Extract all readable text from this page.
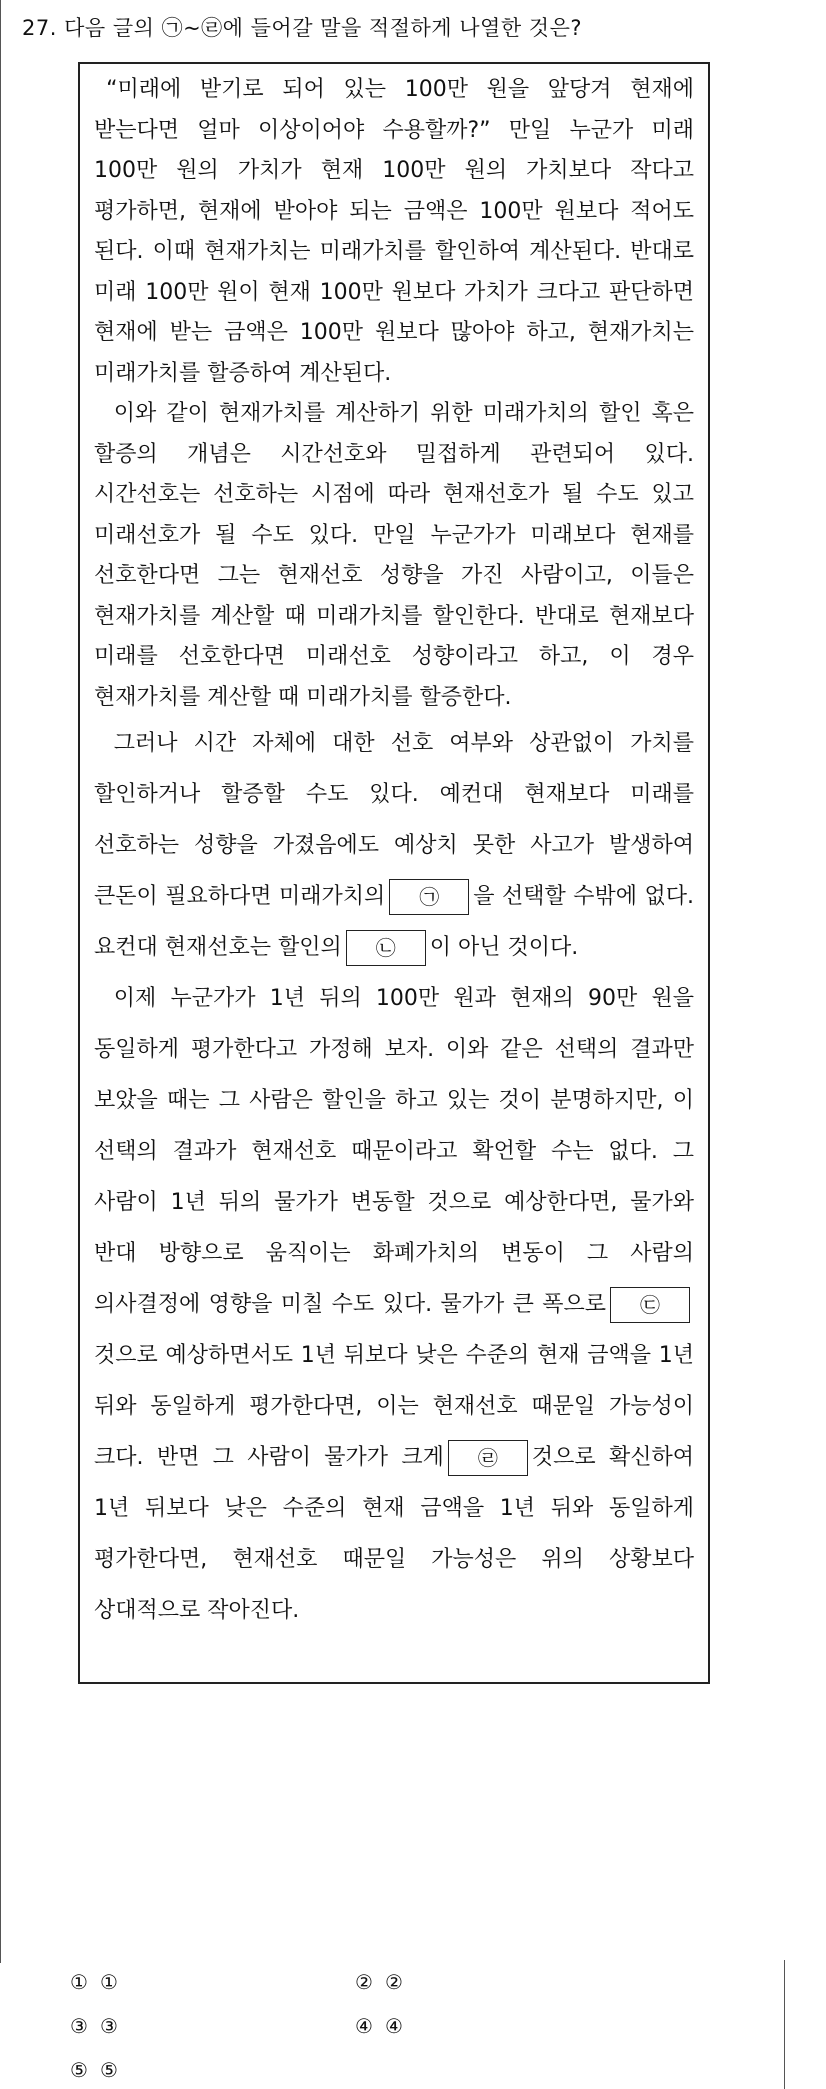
27. 다음 글의 ㉠~㉣에 들어갈 말을 적절하게 나열한 것은?

“미래에 받기로 되어 있는 100만 원을 앞당겨 현재에 받는다면 얼마 이상이어야 수용할까?” 만일 누군가 미래 100만 원의 가치가 현재 100만 원의 가치보다 작다고 평가하면, 현재에 받아야 되는 금액은 100만 원보다 적어도 된다. 이때 현재가치는 미래가치를 할인하여 계산된다. 반대로 미래 100만 원이 현재 100만 원보다 가치가 크다고 판단하면 현재에 받는 금액은 100만 원보다 많아야 하고, 현재가치는 미래가치를 할증하여 계산된다.

이와 같이 현재가치를 계산하기 위한 미래가치의 할인 혹은 할증의 개념은 시간선호와 밀접하게 관련되어 있다. 시간선호는 선호하는 시점에 따라 현재선호가 될 수도 있고 미래선호가 될 수도 있다. 만일 누군가가 미래보다 현재를 선호한다면 그는 현재선호 성향을 가진 사람이고, 이들은 현재가치를 계산할 때 미래가치를 할인한다. 반대로 현재보다 미래를 선호한다면 미래선호 성향이라고 하고, 이 경우 현재가치를 계산할 때 미래가치를 할증한다.

그러나 시간 자체에 대한 선호 여부와 상관없이 가치를 할인하거나 할증할 수도 있다. 예컨대 현재보다 미래를 선호하는 성향을 가졌음에도 예상치 못한 사고가 발생하여 큰돈이 필요하다면 미래가치의 ㉠ 을 선택할 수밖에 없다. 요컨대 현재선호는 할인의 ㉡ 이 아닌 것이다.

이제 누군가가 1년 뒤의 100만 원과 현재의 90만 원을 동일하게 평가한다고 가정해 보자. 이와 같은 선택의 결과만 보았을 때는 그 사람은 할인을 하고 있는 것이 분명하지만, 이 선택의 결과가 현재선호 때문이라고 확언할 수는 없다. 그 사람이 1년 뒤의 물가가 변동할 것으로 예상한다면, 물가와 반대 방향으로 움직이는 화폐가치의 변동이 그 사람의 의사결정에 영향을 미칠 수도 있다. 물가가 큰 폭으로 ㉢것으로 예상하면서도 1년 뒤보다 낮은 수준의 현재 금액을 1년 뒤와 동일하게 평가한다면, 이는 현재선호 때문일 가능성이 크다. 반면 그 사람이 물가가 크게 ㉣ 것으로 확신하여 1년 뒤보다 낮은 수준의 현재 금액을 1년 뒤와 동일하게 평가한다면, 현재선호 때문일 가능성은 위의 상황보다 상대적으로 작아진다.

① ①	② ②
③ ③	④ ④
⑤ ⑤
